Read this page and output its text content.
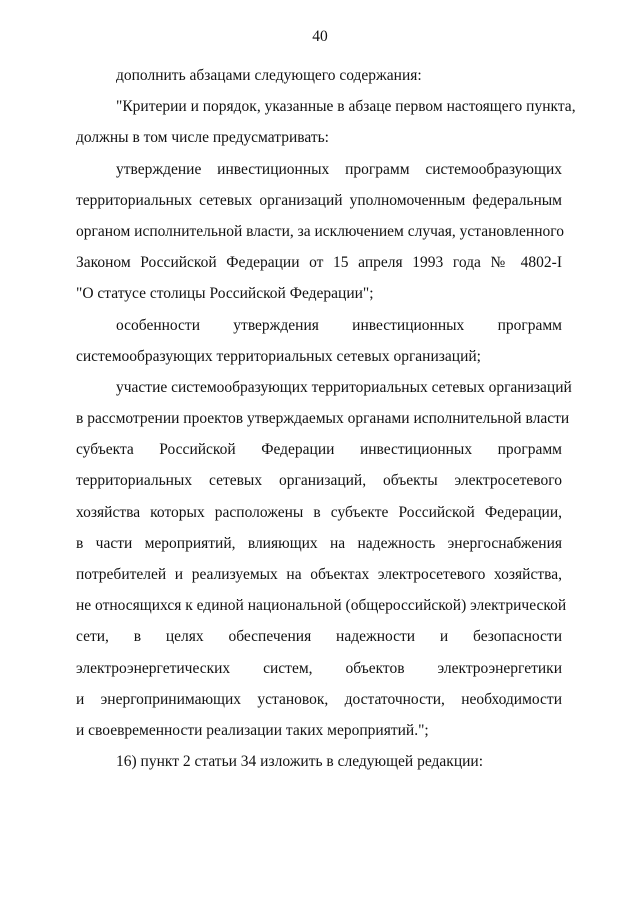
40
дополнить абзацами следующего содержания:
"Критерии и порядок, указанные в абзаце первом настоящего пункта,
должны в том числе предусматривать:
утверждение инвестиционных программ системообразующих
территориальных сетевых организаций уполномоченным федеральным
органом исполнительной власти, за исключением случая, установленного
Законом Российской Федерации от 15 апреля 1993 года № 4802-I
"О статусе столицы Российской Федерации";
особенности утверждения инвестиционных программ
системообразующих территориальных сетевых организаций;
участие системообразующих территориальных сетевых организаций
в рассмотрении проектов утверждаемых органами исполнительной власти
субъекта Российской Федерации инвестиционных программ
территориальных сетевых организаций, объекты электросетевого
хозяйства которых расположены в субъекте Российской Федерации,
в части мероприятий, влияющих на надежность энергоснабжения
потребителей и реализуемых на объектах электросетевого хозяйства,
не относящихся к единой национальной (общероссийской) электрической
сети, в целях обеспечения надежности и безопасности
электроэнергетических систем, объектов электроэнергетики
и энергопринимающих установок, достаточности, необходимости
и своевременности реализации таких мероприятий.";
16) пункт 2 статьи 34 изложить в следующей редакции:
